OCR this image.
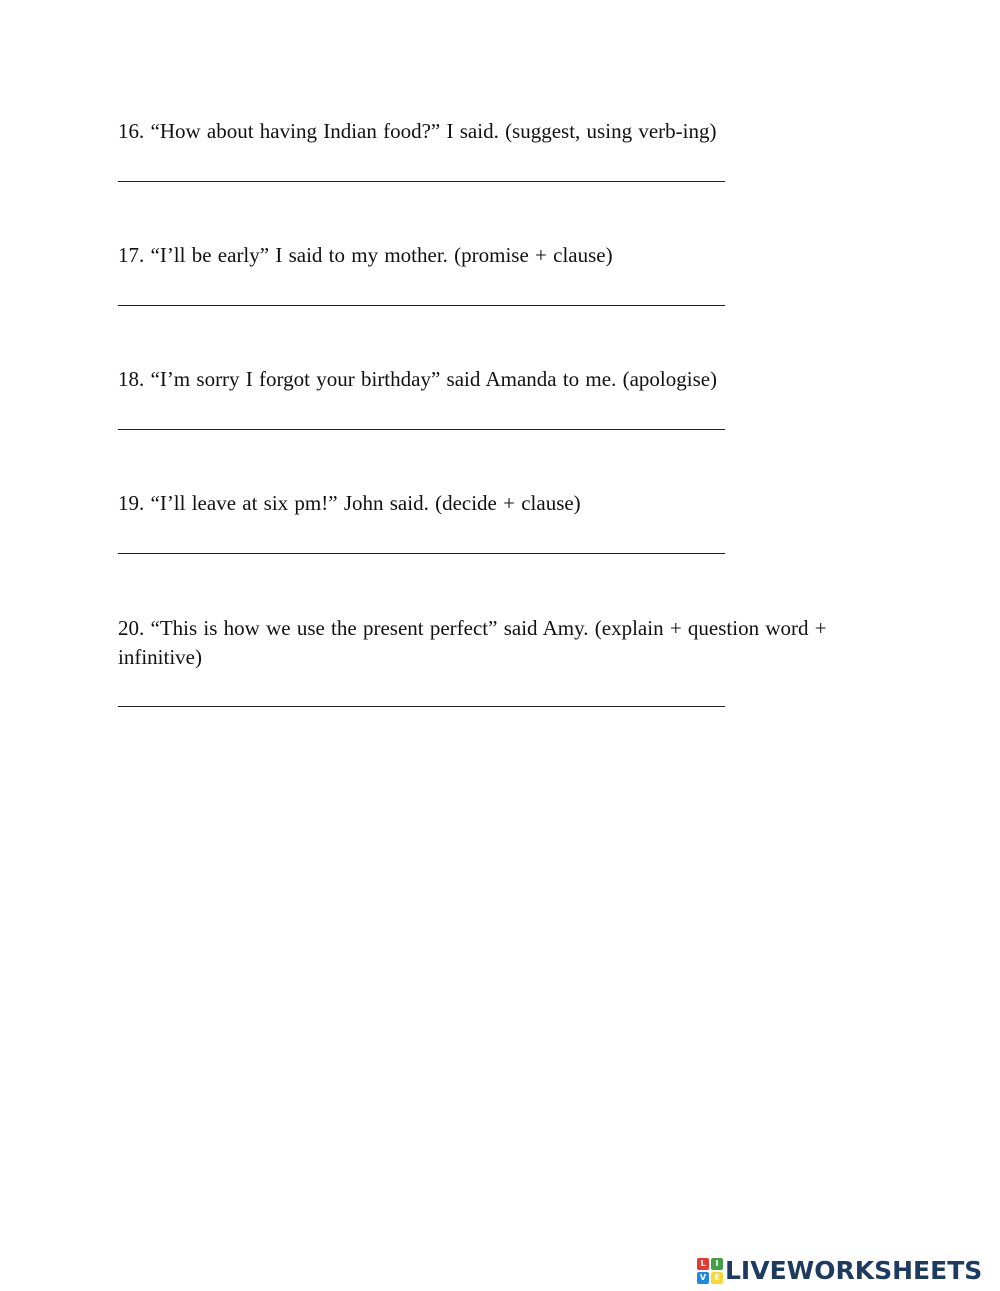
16. “How about having Indian food?” I said. (suggest, using verb-ing)
17. “I’ll be early” I said to my mother. (promise + clause)
18. “I’m sorry I forgot your birthday” said Amanda to me. (apologise)
19. “I’ll leave at six pm!” John said. (decide + clause)
20. “This is how we use the present perfect” said Amy. (explain + question word + infinitive)
L	I
V	E LIVEWORKSHEETS
